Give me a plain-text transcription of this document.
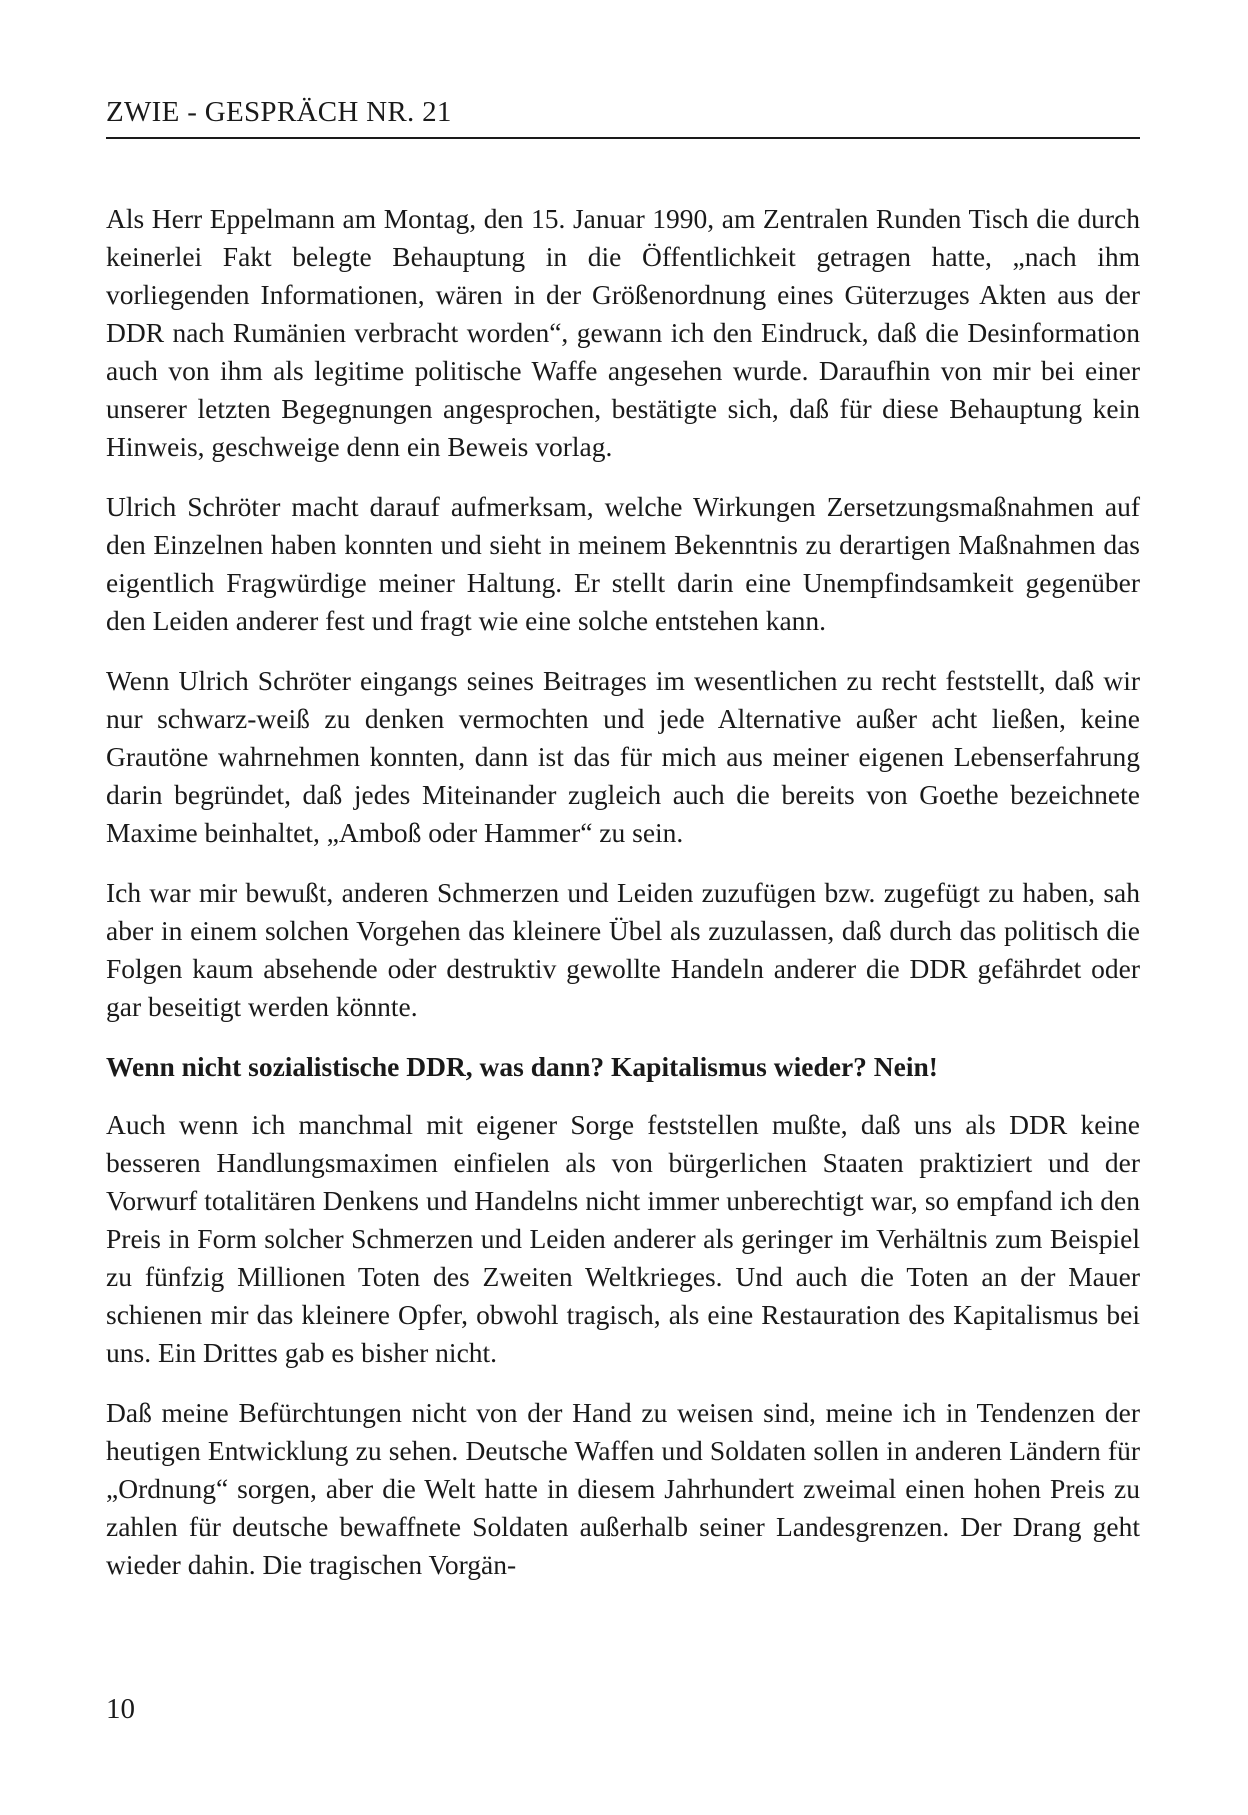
ZWIE - GESPRÄCH NR. 21

Als Herr Eppelmann am Montag, den 15. Januar 1990, am Zentralen Runden Tisch die durch keinerlei Fakt belegte Behauptung in die Öffentlichkeit getragen hatte, „nach ihm vorliegenden Informationen, wären in der Größenordnung eines Güterzuges Akten aus der DDR nach Rumänien verbracht worden“, gewann ich den Eindruck, daß die Desinformation auch von ihm als legitime politische Waffe angesehen wurde. Daraufhin von mir bei einer unserer letzten Begegnungen angesprochen, bestätigte sich, daß für diese Behauptung kein Hinweis, geschweige denn ein Beweis vorlag.

Ulrich Schröter macht darauf aufmerksam, welche Wirkungen Zersetzungsmaßnahmen auf den Einzelnen haben konnten und sieht in meinem Bekenntnis zu derartigen Maßnahmen das eigentlich Fragwürdige meiner Haltung. Er stellt darin eine Unempfindsamkeit gegenüber den Leiden anderer fest und fragt wie eine solche entstehen kann.

Wenn Ulrich Schröter eingangs seines Beitrages im wesentlichen zu recht feststellt, daß wir nur schwarz-weiß zu denken vermochten und jede Alternative außer acht ließen, keine Grautöne wahrnehmen konnten, dann ist das für mich aus meiner eigenen Lebenserfahrung darin begründet, daß jedes Miteinander zugleich auch die bereits von Goethe bezeichnete Maxime beinhaltet, „Amboß oder Hammer“ zu sein.

Ich war mir bewußt, anderen Schmerzen und Leiden zuzufügen bzw. zugefügt zu haben, sah aber in einem solchen Vorgehen das kleinere Übel als zuzulassen, daß durch das politisch die Folgen kaum absehende oder destruktiv gewollte Handeln anderer die DDR gefährdet oder gar beseitigt werden könnte.

Wenn nicht sozialistische DDR, was dann? Kapitalismus wieder? Nein!

Auch wenn ich manchmal mit eigener Sorge feststellen mußte, daß uns als DDR keine besseren Handlungsmaximen einfielen als von bürgerlichen Staaten praktiziert und der Vorwurf totalitären Denkens und Handelns nicht immer unberechtigt war, so empfand ich den Preis in Form solcher Schmerzen und Leiden anderer als geringer im Verhältnis zum Beispiel zu fünfzig Millionen Toten des Zweiten Weltkrieges. Und auch die Toten an der Mauer schienen mir das kleinere Opfer, obwohl tragisch, als eine Restauration des Kapitalismus bei uns. Ein Drittes gab es bisher nicht.

Daß meine Befürchtungen nicht von der Hand zu weisen sind, meine ich in Tendenzen der heutigen Entwicklung zu sehen. Deutsche Waffen und Soldaten sollen in anderen Ländern für „Ordnung“ sorgen, aber die Welt hatte in diesem Jahrhundert zweimal einen hohen Preis zu zahlen für deutsche bewaffnete Soldaten außerhalb seiner Landesgrenzen. Der Drang geht wieder dahin. Die tragischen Vorgän-

10
